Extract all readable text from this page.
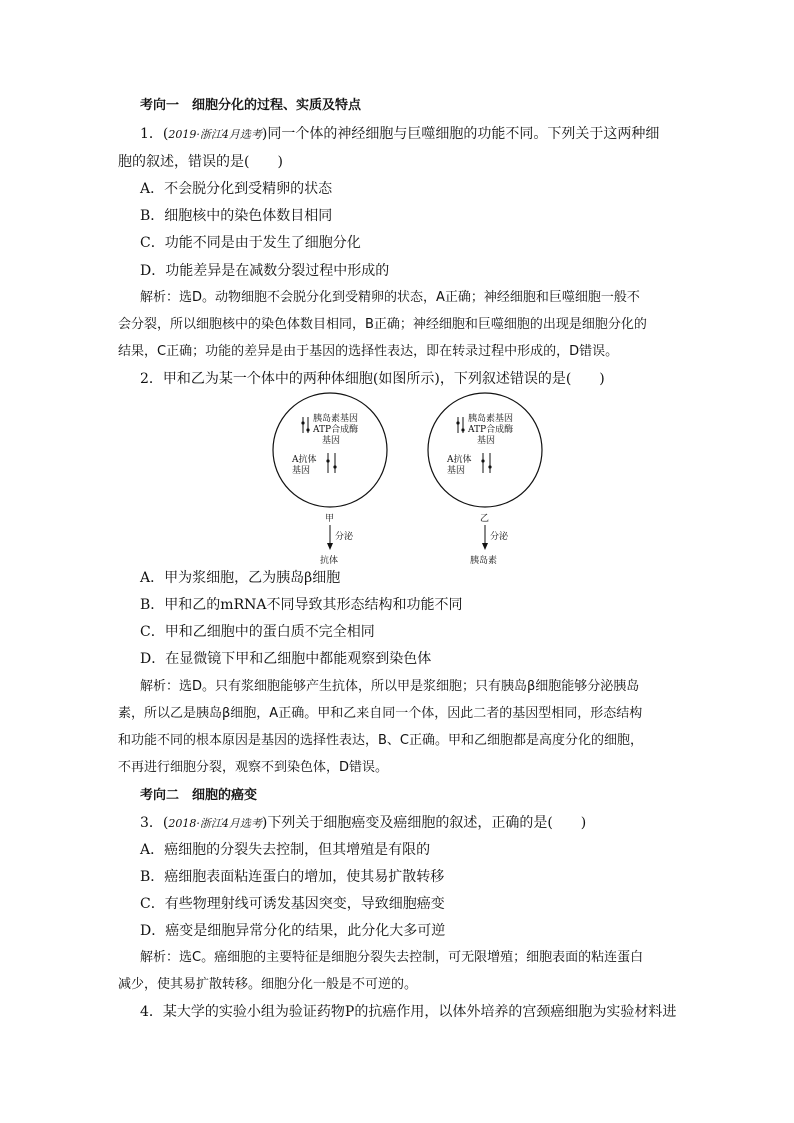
考向一　细胞分化的过程、实质及特点
1．(2019·浙江4月选考)同一个体的神经细胞与巨噬细胞的功能不同。下列关于这两种细
胞的叙述，错误的是(　　)
A．不会脱分化到受精卵的状态
B．细胞核中的染色体数目相同
C．功能不同是由于发生了细胞分化
D．功能差异是在减数分裂过程中形成的
解析：选D。动物细胞不会脱分化到受精卵的状态，A正确；神经细胞和巨噬细胞一般不
会分裂，所以细胞核中的染色体数目相同，B正确；神经细胞和巨噬细胞的出现是细胞分化的
结果，C正确；功能的差异是由于基因的选择性表达，即在转录过程中形成的，D错误。
2．甲和乙为某一个体中的两种体细胞(如图所示)，下列叙述错误的是(　　)
胰岛素基因
ATP合成酶
基因
A抗体
基因
甲
分泌
抗体
胰岛素基因
ATP合成酶
基因
A抗体
基因
乙
分泌
胰岛素
A．甲为浆细胞，乙为胰岛β细胞
B．甲和乙的mRNA不同导致其形态结构和功能不同
C．甲和乙细胞中的蛋白质不完全相同
D．在显微镜下甲和乙细胞中都能观察到染色体
解析：选D。只有浆细胞能够产生抗体，所以甲是浆细胞；只有胰岛β细胞能够分泌胰岛
素，所以乙是胰岛β细胞，A正确。甲和乙来自同一个体，因此二者的基因型相同，形态结构
和功能不同的根本原因是基因的选择性表达，B、C正确。甲和乙细胞都是高度分化的细胞，
不再进行细胞分裂，观察不到染色体，D错误。
考向二　细胞的癌变
3．(2018·浙江4月选考)下列关于细胞癌变及癌细胞的叙述，正确的是(　　)
A．癌细胞的分裂失去控制，但其增殖是有限的
B．癌细胞表面粘连蛋白的增加，使其易扩散转移
C．有些物理射线可诱发基因突变，导致细胞癌变
D．癌变是细胞异常分化的结果，此分化大多可逆
解析：选C。癌细胞的主要特征是细胞分裂失去控制，可无限增殖；细胞表面的粘连蛋白
减少，使其易扩散转移。细胞分化一般是不可逆的。
4．某大学的实验小组为验证药物P的抗癌作用，以体外培养的宫颈癌细胞为实验材料进
